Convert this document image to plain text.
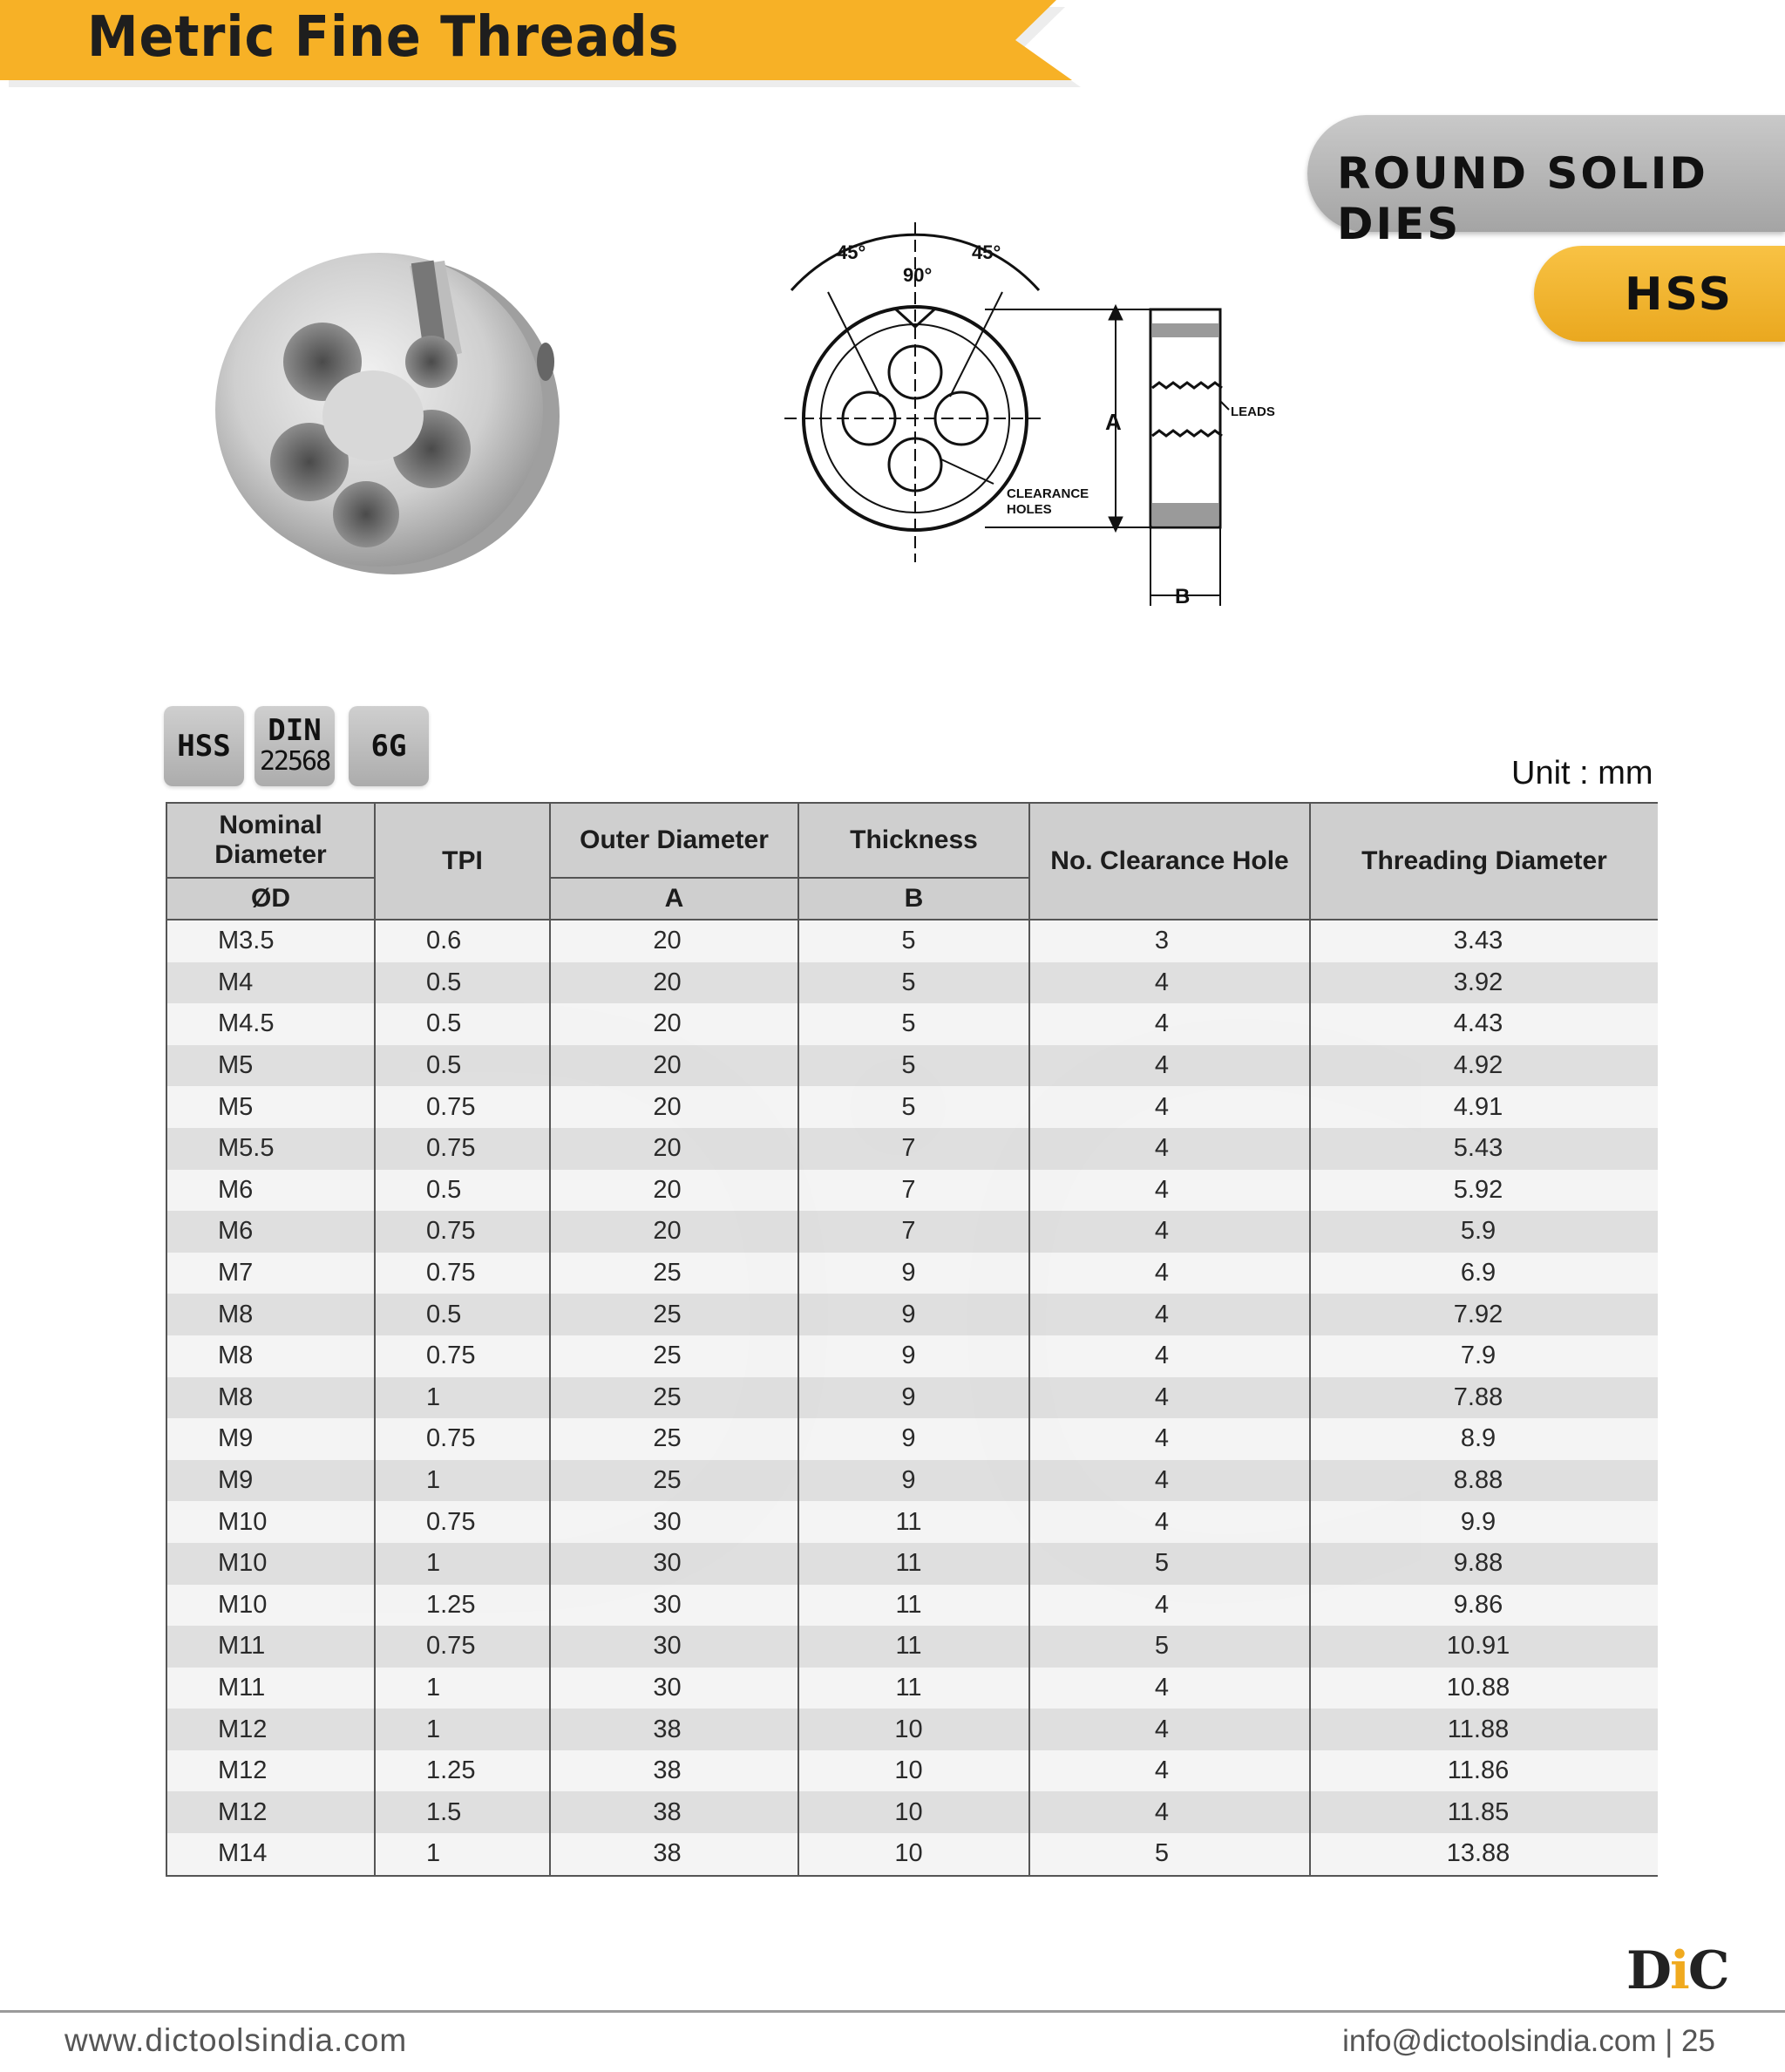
Metric Fine Threads
ROUND SOLID DIES
HSS
45°	45°
90°
A
B
LEADS
CLEARANCE
HOLES
HSS	DIN
22568	6G
Unit : mm
Nominal Diameter	TPI	Outer Diameter	Thickness	No. Clearance Hole	Threading Diameter
ØD		A	B		
M3.5	0.6	20	5	3	3.43
M4	0.5	20	5	4	3.92
M4.5	0.5	20	5	4	4.43
M5	0.5	20	5	4	4.92
M5	0.75	20	5	4	4.91
M5.5	0.75	20	7	4	5.43
M6	0.5	20	7	4	5.92
M6	0.75	20	7	4	5.9
M7	0.75	25	9	4	6.9
M8	0.5	25	9	4	7.92
M8	0.75	25	9	4	7.9
M8	1	25	9	4	7.88
M9	0.75	25	9	4	8.9
M9	1	25	9	4	8.88
M10	0.75	30	11	4	9.9
M10	1	30	11	5	9.88
M10	1.25	30	11	4	9.86
M11	0.75	30	11	5	10.91
M11	1	30	11	4	10.88
M12	1	38	10	4	11.88
M12	1.25	38	10	4	11.86
M12	1.5	38	10	4	11.85
M14	1	38	10	5	13.88
DiC
www.dictoolsindia.com	info@dictoolsindia.com | 25
